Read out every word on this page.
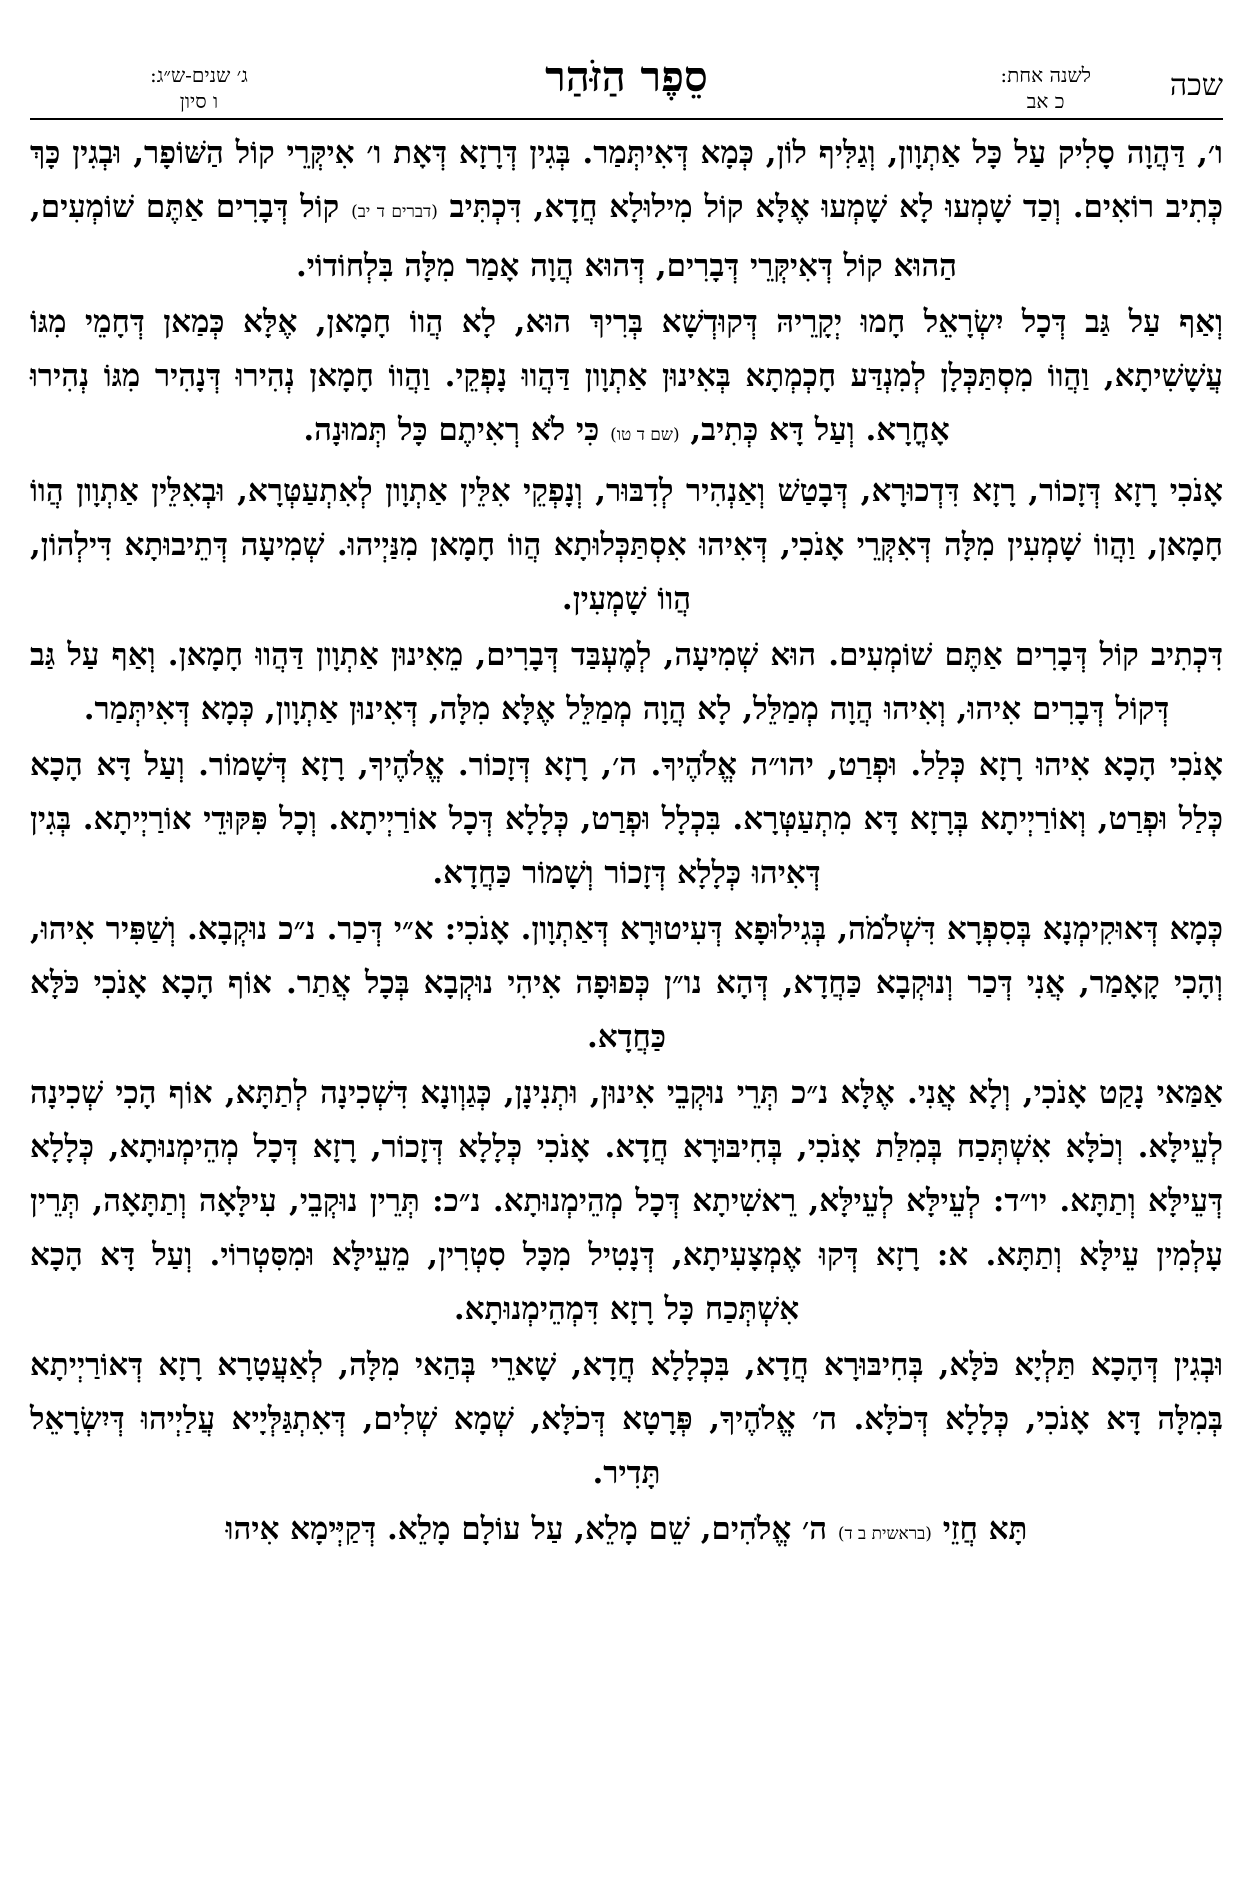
שכה
לשנה אחת:
כ אב
סֵפֶר הַזֹּהַר
ג׳ שנים-ש״ג:
ו סיון

ו׳, דַּהֲוָה סָלִיק עַל כָּל אַתְוָון, וְגַלִּיף לוֹן, כְּמָא דְּאִיתְּמַר. בְּגִין דְּרָזָא דְּאָת ו׳ אִיקְּרֵי קוֹל הַשּׁוֹפָר, וּבְגִין כָּךְ כְּתִיב רוֹאִים. וְכַד שָׁמְעוּ לָא שָׁמְעוּ אֶלָּא קוֹל מִילוּלָא חֲדָא, דִּכְתִּיב (דברים ד יב) קוֹל דְּבָרִים אַתֶּם שׁוֹמְעִים, הַהוּא קוֹל דְּאִיקְּרֵי דְּבָרִים, דְּהוּא הֲוָה אָמַר מִלָּה בִּלְחוֹדוֹי.

וְאַף עַל גַּב דְּכָל יִשְׂרָאֵל חָמוּ יְקָרֵיהּ דְּקוּדְשָׁא בְּרִיךְ הוּא, לָא הֲווֹ חָמָאן, אֶלָּא כְּמַאן דְּחָמֵי מִגּוֹ עֲשָׁשִׁיתָא, וַהֲווֹ מִסְתַּכְּלָן לְמִנְדַּע חָכְמְתָא בְּאִינוּן אַתְוָון דַּהֲווּ נָפְקֵי. וַהֲווֹ חָמָאן נְהִירוּ דְּנָהִיר מִגּוֹ נְהִירוּ אָחֳרָא. וְעַל דָּא כְּתִיב, (שם ד טו) כִּי לֹא רְאִיתֶם כָּל תְּמוּנָה.

אָנֹכִי רָזָא דְּזָכוֹר, רָזָא דִּדְכוּרָא, דְּבָטַשׁ וְאַנְהִיר לְדִבּוּר, וְנָפְקֵי אִלֵּין אַתְוָון לְאִתְעַטְּרָא, וּבְאִלֵּין אַתְוָון הֲווֹ חָמָאן, וַהֲווֹ שָׁמְעִין מִלָּה דְּאִקְּרֵי אָנֹכִי, דְּאִיהוּ אִסְתַּכְּלוּתָא הֲווֹ חָמָאן מִנַּיְיהוּ. שְׁמִיעָה דְּתֵיבוּתָא דִּילְהוֹן, הֲווֹ שָׁמְעִין.

דִּכְתִיב קוֹל דְּבָרִים אַתֶּם שׁוֹמְעִים. הוּא שְׁמִיעָה, לְמֶעְבַּד דְּבָרִים, מֵאִינוּן אַתְוָון דַּהֲווּ חָמָאן. וְאַף עַל גַּב דְּקוֹל דְּבָרִים אִיהוּ, וְאִיהוּ הֲוָה מְמַלֵּל, לָא הֲוָה מְמַלֵּל אֶלָּא מִלָּה, דְּאִינוּן אַתְוָון, כְּמָא דְּאִיתְּמַר.

אָנֹכִי הָכָא אִיהוּ רָזָא כְּלַל. וּפְרַט, יהו״ה אֱלֹהֶיךָ. ה׳, רָזָא דְּזָכוֹר. אֱלֹהֶיךָ, רָזָא דְּשָׁמוֹר. וְעַל דָּא הָכָא כְּלַל וּפְרַט, וְאוֹרַיְיתָא בְּרָזָא דָּא מִתְעַטְּרָא. בִּכְלָל וּפְרַט, כְּלָלָא דְּכָל אוֹרַיְיתָא. וְכָל פִּקּוּדֵי אוֹרַיְיתָא. בְּגִין דְּאִיהוּ כְּלָלָא דְּזָכוֹר וְשָׁמוֹר כַּחֲדָא.

כְּמָא דְּאוּקִימְנָא בְּסִפְרָא דִּשְׁלֹמֹה, בְּגִילוּפָא דְּעִיטוּרָא דְּאַתְוָון. אָנֹכִי: א״י דְּכַר. נ״כ נוּקְבָא. וְשַׁפִּיר אִיהוּ, וְהָכִי קָאָמַר, אֲנִי דְּכַר וְנוּקְבָא כַּחֲדָא, דְּהָא נו״ן כְּפוּפָה אִיהִי נוּקְבָא בְּכָל אֲתַר. אוֹף הָכָא אָנֹכִי כֹּלָּא כַּחֲדָא.

אַמַּאי נָקַט אָנֹכִי, וְלָא אֲנִי. אֶלָּא נ״כ תְּרֵי נוּקְבֵי אִינוּן, וּתְנִינָן, כְּגַוְונָא דִּשְׁכִינָה לְתַתָּא, אוֹף הָכִי שְׁכִינָה לְעֵילָּא. וְכֹלָּא אִשְׁתְּכַח בְּמִלַּת אָנֹכִי, בְּחִיבּוּרָא חֲדָא. אָנֹכִי כְּלָלָא דְּזָכוֹר, רָזָא דְּכָל מְהֵימְנוּתָא, כְּלָלָא דְּעֵילָּא וְתַתָּא. יו״ד: לְעֵילָּא לְעֵילָּא, רֵאשִׁיתָא דְּכָל מְהֵימְנוּתָא. נ״כ: תְּרֵין נוּקְבֵי, עִילָּאָה וְתַתָּאָה, תְּרֵין עָלְמִין עֵילָּא וְתַתָּא. א: רָזָא דְּקוּ אֶמְצָעִיתָא, דְּנָטִיל מִכָּל סִטְרִין, מֵעֵילָּא וּמִסִּטְרוֹי. וְעַל דָּא הָכָא אִשְׁתְּכַח כָּל רָזָא דִּמְהֵימְנוּתָא.

וּבְגִין דְּהָכָא תַּלְיָא כֹּלָּא, בְּחִיבּוּרָא חֲדָא, בִּכְלָלָא חֲדָא, שָׁארֵי בְּהַאי מִלָּה, לְאַעֲטָרָא רָזָא דְּאוֹרַיְיתָא בְּמִלָּה דָּא אָנֹכִי, כְּלָלָא דְּכֹלָּא. ה׳ אֱלֹהֶיךָ, פְּרָטָא דְּכֹלָּא, שְׁמָא שְׁלִים, דְּאִתְגַּלְּיָיא עֲלַיְיהוּ דְּיִשְׂרָאֵל תָּדִיר.

תָּא חֲזֵי (בראשית ב ד) ה׳ אֱלֹהִים, שֵׁם מָלֵא, עַל עוֹלָם מָלֵא. דְּקַיְּימָא אִיהוּ
